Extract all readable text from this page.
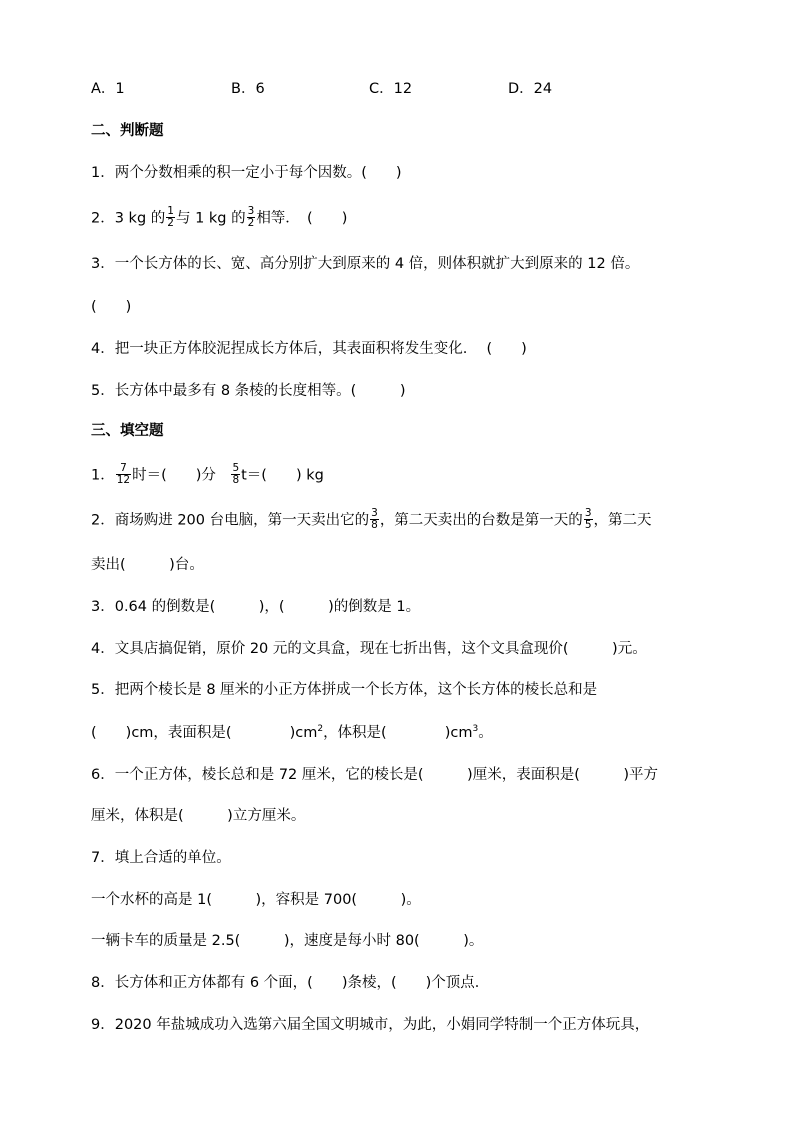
A．1	B．6	C．12	D．24
二、判断题
1．两个分数相乘的积一定小于每个因数。(　　)
2．3 kg 的 $\frac{1}{2}$ 与 1 kg 的 $\frac{3}{2}$ 相等．　(　　)
3．一个长方体的长、宽、高分别扩大到原来的 4 倍，则体积就扩大到原来的 12 倍。
(　　)
4．把一块正方体胶泥捏成长方体后，其表面积将发生变化.　 (　　)
5．长方体中最多有 8 条棱的长度相等。(　　　)
三、填空题
1． $\frac{7}{12}$ 时＝(　　)分　 $\frac{5}{8} t=$(　　) kg
2．商场购进 200 台电脑，第一天卖出它的 $\frac{3}{8}$ ，第二天卖出的台数是第一天的 $\frac{3}{5}$ ，第二天
卖出(　　　)台。
3．0.64 的倒数是(　　　)，(　　　)的倒数是 1。
4．文具店搞促销，原价 20 元的文具盒，现在七折出售，这个文具盒现价(　　　)元。
5．把两个棱长是 8 厘米的小正方体拼成一个长方体，这个长方体的棱长总和是
(　　)cm，表面积是(　　　　)$cm^2$，体积是(　　　　)$cm^3$。
6．一个正方体，棱长总和是 72 厘米，它的棱长是(　　　)厘米，表面积是(　　　)平方
厘米，体积是(　　　)立方厘米。
7．填上合适的单位。
一个水杯的高是 1(　　　)，容积是 700(　　　)。
一辆卡车的质量是 2.5(　　　)，速度是每小时 80(　　　)。
8．长方体和正方体都有 6 个面，(　　)条棱，(　　)个顶点．
9．2020 年盐城成功入选第六届全国文明城市，为此，小娟同学特制一个正方体玩具，
